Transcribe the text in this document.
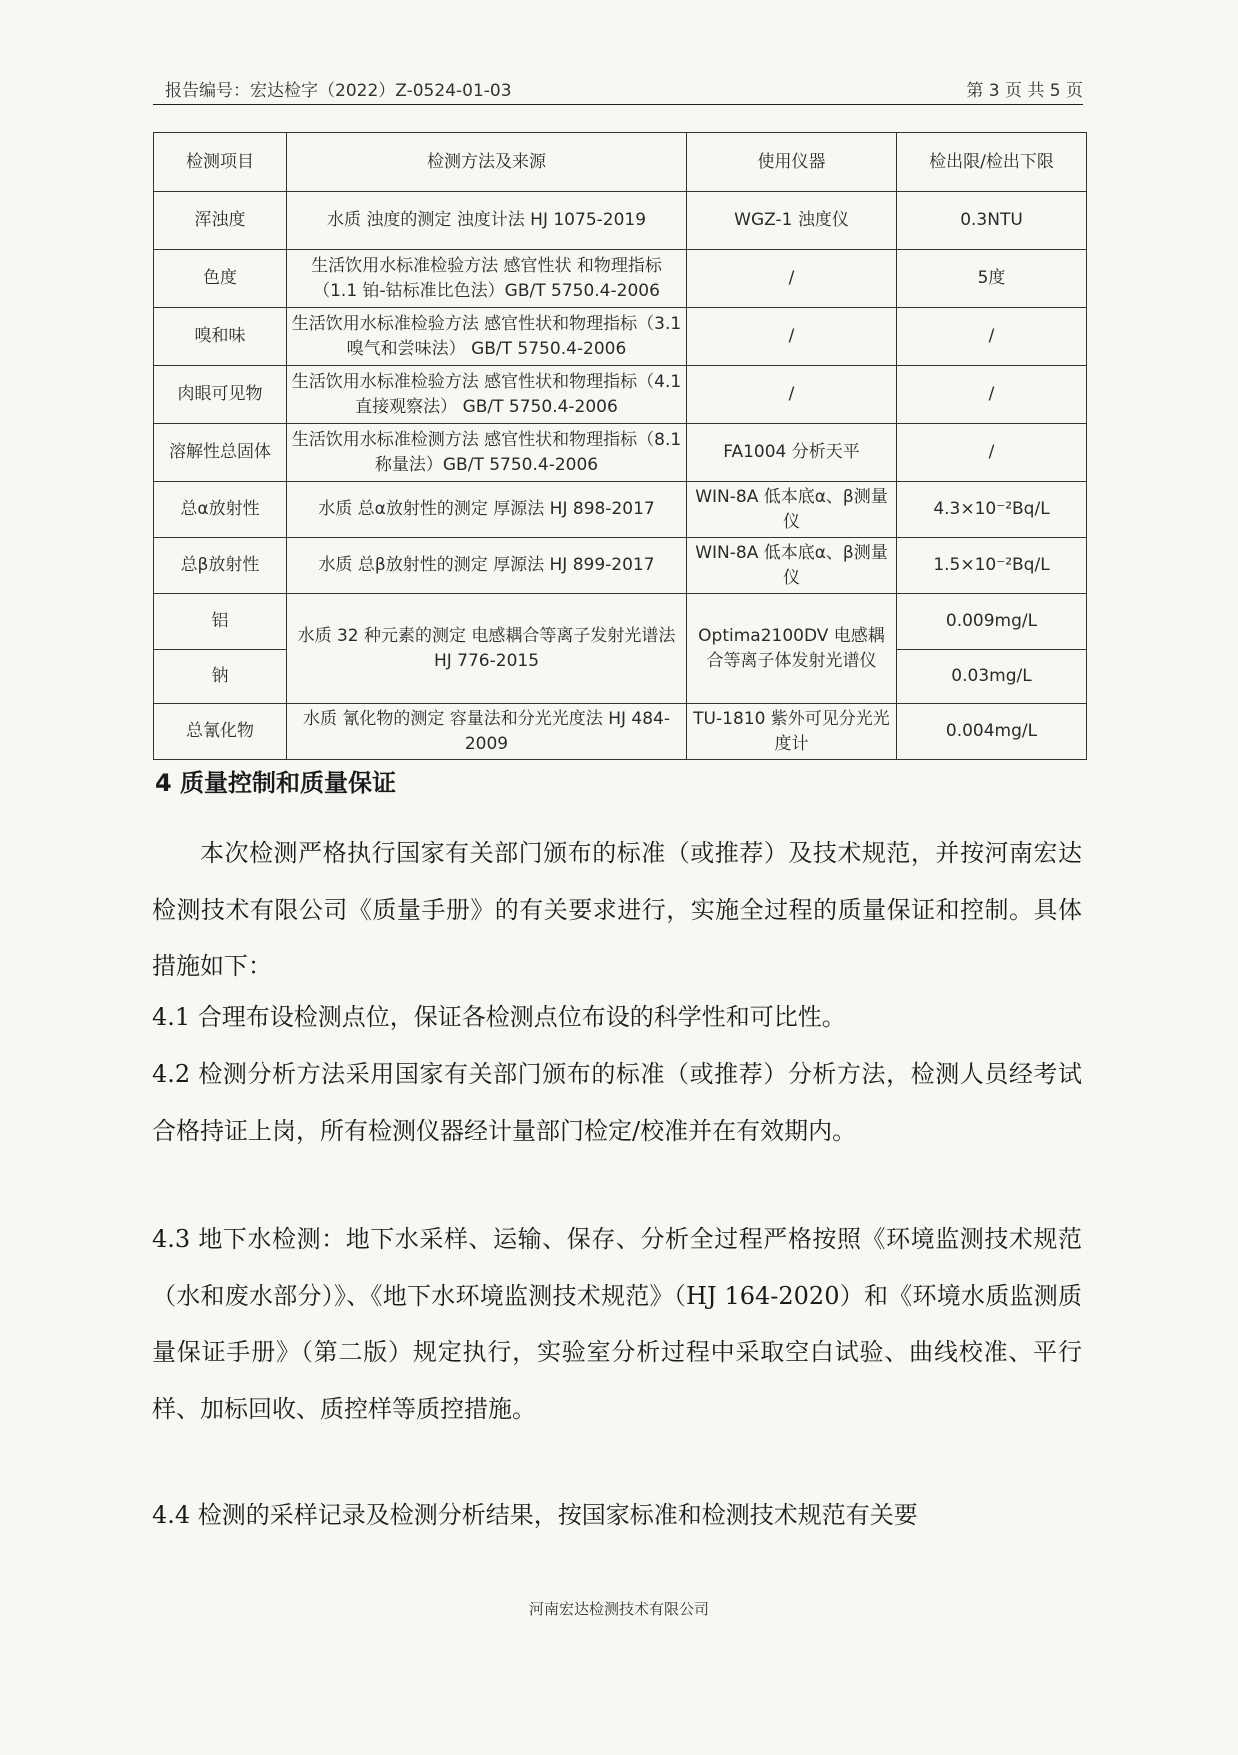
报告编号：宏达检字（2022）Z-0524-01-03	第 3 页 共 5 页
检测项目	检测方法及来源	使用仪器	检出限/检出下限
浑浊度	水质 浊度的测定 浊度计法 HJ 1075-2019	WGZ-1 浊度仪	0.3NTU
色度	生活饮用水标准检验方法 感官性状 和物理指标（1.1 铂-钴标准比色法）GB/T 5750.4-2006	/	5度
嗅和味	生活饮用水标准检验方法 感官性状和物理指标（3.1 嗅气和尝味法） GB/T 5750.4-2006	/	/
肉眼可见物	生活饮用水标准检验方法 感官性状和物理指标（4.1 直接观察法） GB/T 5750.4-2006	/	/
溶解性总固体	生活饮用水标准检测方法 感官性状和物理指标（8.1 称量法）GB/T 5750.4-2006	FA1004 分析天平	/
总α放射性	水质 总α放射性的测定 厚源法 HJ 898-2017	WIN-8A 低本底α、β测量仪	4.3×10⁻²Bq/L
总β放射性	水质 总β放射性的测定 厚源法 HJ 899-2017	WIN-8A 低本底α、β测量仪	1.5×10⁻²Bq/L
铝	水质 32 种元素的测定 电感耦合等离子发射光谱法 HJ 776-2015	Optima2100DV 电感耦合等离子体发射光谱仪	0.009mg/L
钠			0.03mg/L
总氰化物	水质 氰化物的测定 容量法和分光光度法 HJ 484-2009	TU-1810 紫外可见分光光度计	0.004mg/L
4 质量控制和质量保证
本次检测严格执行国家有关部门颁布的标准（或推荐）及技术规范，并按河南宏达检测技术有限公司《质量手册》的有关要求进行，实施全过程的质量保证和控制。具体措施如下：
4.1 合理布设检测点位，保证各检测点位布设的科学性和可比性。
4.2 检测分析方法采用国家有关部门颁布的标准（或推荐）分析方法，检测人员经考试合格持证上岗，所有检测仪器经计量部门检定/校准并在有效期内。
4.3 地下水检测：地下水采样、运输、保存、分析全过程严格按照《环境监测技术规范（水和废水部分）》、《地下水环境监测技术规范》（HJ 164-2020）和《环境水质监测质量保证手册》（第二版）规定执行，实验室分析过程中采取空白试验、曲线校准、平行样、加标回收、质控样等质控措施。
4.4 检测的采样记录及检测分析结果，按国家标准和检测技术规范有关要
河南宏达检测技术有限公司
